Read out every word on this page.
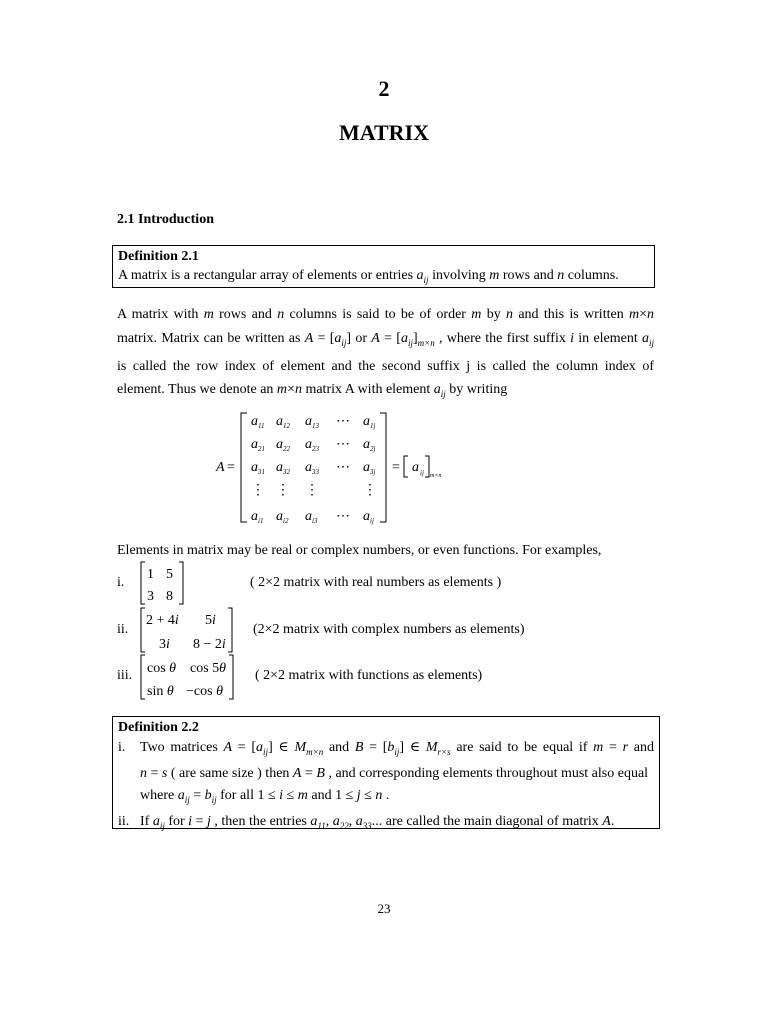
2
MATRIX
2.1 Introduction
Definition 2.1
A matrix is a rectangular array of elements or entries $a_{ij}$ involving m rows and n columns.
A matrix with m rows and n columns is said to be of order m by n and this is written m×n
matrix. Matrix can be written as $A = [a_{ij}]$ or $A = [a_{ij}]_{m\times n}$ , where the first suffix i in element $a_{ij}$
is called the row index of element and the second suffix j is called the column index of
element. Thus we denote an m×n matrix A with element $a_{ij}$ by writing
A =
$a_{11}$ $a_{12}$ $a_{13}$ ⋯ $a_{1j}$
$a_{21}$ $a_{22}$ $a_{23}$ ⋯ $a_{2j}$
$a_{31}$ $a_{32}$ $a_{33}$ ⋯ $a_{3j}$
⋮ ⋮ ⋮	⋮
$a_{i1}$ $a_{i2}$ $a_{i3}$ ⋯ $a_{ij}$
= a ij m×n
Elements in matrix may be real or complex numbers, or even functions. For examples,
i.
1 5
3 8
( 2×2 matrix with real numbers as elements )
ii.
2 + 4i 5i
3i 8 − 2i
(2×2 matrix with complex numbers as elements)
iii. cos θ cos 5θ
sin θ −cos θ
( 2×2 matrix with functions as elements)
Definition 2.2
i.	Two matrices $A = [a_{ij}]$ ∈ $M_{m\times n}$ and $B = [b_{ij}]$ ∈ $M_{r\times s}$ are said to be equal if m = r and
n = s ( are same size ) then A = B , and corresponding elements throughout must also equal
where $a_{ij} = b_{ij}$ for all 1 ≤ i ≤ m and 1 ≤ j ≤ n .
ii. If $a_{ij}$ for i = j , then the entries $a_{11}$, $a_{22}$, $a_{33}$... are called the main diagonal of matrix A.
23
